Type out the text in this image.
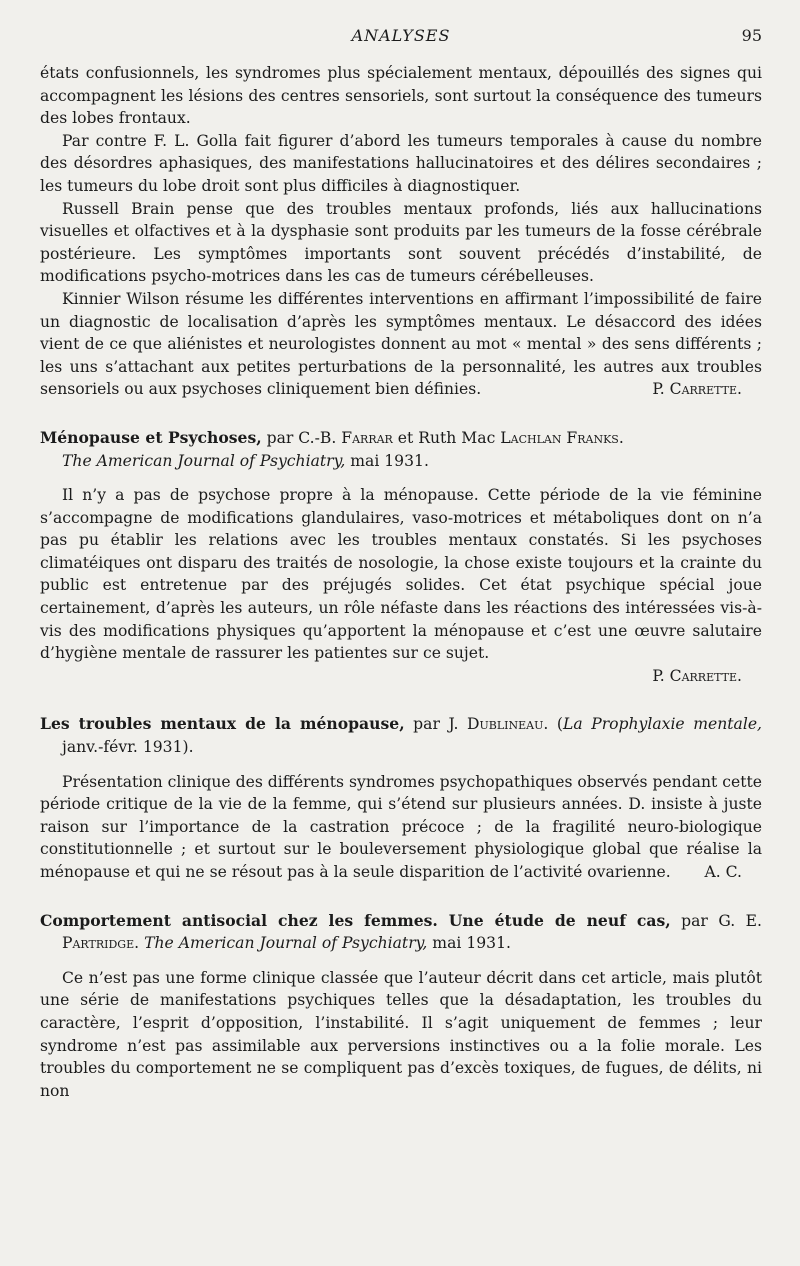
ANALYSES	95

états confusionnels, les syndromes plus spécialement mentaux, dépouillés des signes qui accompagnent les lésions des centres sensoriels, sont surtout la conséquence des tumeurs des lobes frontaux.

Par contre F. L. Golla fait figurer d’abord les tumeurs temporales à cause du nombre des désordres aphasiques, des manifestations hallucinatoires et des délires secondaires ; les tumeurs du lobe droit sont plus difficiles à diagnostiquer.

Russell Brain pense que des troubles mentaux profonds, liés aux hallucinations visuelles et olfactives et à la dysphasie sont produits par les tumeurs de la fosse cérébrale postérieure. Les symptômes importants sont souvent précédés d’instabilité, de modifications psycho-motrices dans les cas de tumeurs cérébelleuses.

Kinnier Wilson résume les différentes interventions en affirmant l’impossibilité de faire un diagnostic de localisation d’après les symptômes mentaux. Le désaccord des idées vient de ce que aliénistes et neurologistes donnent au mot « mental » des sens différents ; les uns s’attachant aux petites perturbations de la personnalité, les autres aux troubles sensoriels ou aux psychoses cliniquement bien définies.	P. Carrette.

Ménopause et Psychoses, par C.-B. Farrar et Ruth Mac Lachlan Franks.
The American Journal of Psychiatry, mai 1931.

Il n’y a pas de psychose propre à la ménopause. Cette période de la vie féminine s’accompagne de modifications glandulaires, vaso-motrices et métaboliques dont on n’a pas pu établir les relations avec les troubles mentaux constatés. Si les psychoses climatéiques ont disparu des traités de nosologie, la chose existe toujours et la crainte du public est entretenue par des préjugés solides. Cet état psychique spécial joue certainement, d’après les auteurs, un rôle néfaste dans les réactions des intéressées vis-à-vis des modifications physiques qu’apportent la ménopause et c’est une œuvre salutaire d’hygiène mentale de rassurer les patientes sur ce sujet.

P. Carrette.

Les troubles mentaux de la ménopause, par J. Dublineau. (La Prophylaxie mentale, janv.-févr. 1931).

Présentation clinique des différents syndromes psychopathiques observés pendant cette période critique de la vie de la femme, qui s’étend sur plusieurs années. D. insiste à juste raison sur l’importance de la castration précoce ; de la fragilité neuro-biologique constitutionnelle ; et surtout sur le bouleversement physiologique global que réalise la ménopause et qui ne se résout pas à la seule disparition de l’activité ovarienne.	A. C.

Comportement antisocial chez les femmes. Une étude de neuf cas, par G. E. Partridge. The American Journal of Psychiatry, mai 1931.

Ce n’est pas une forme clinique classée que l’auteur décrit dans cet article, mais plutôt une série de manifestations psychiques telles que la désadaptation, les troubles du caractère, l’esprit d’opposition, l’instabilité. Il s’agit uniquement de femmes ; leur syndrome n’est pas assimilable aux perversions instinctives ou a la folie morale. Les troubles du comportement ne se compliquent pas d’excès toxiques, de fugues, de délits, ni non
